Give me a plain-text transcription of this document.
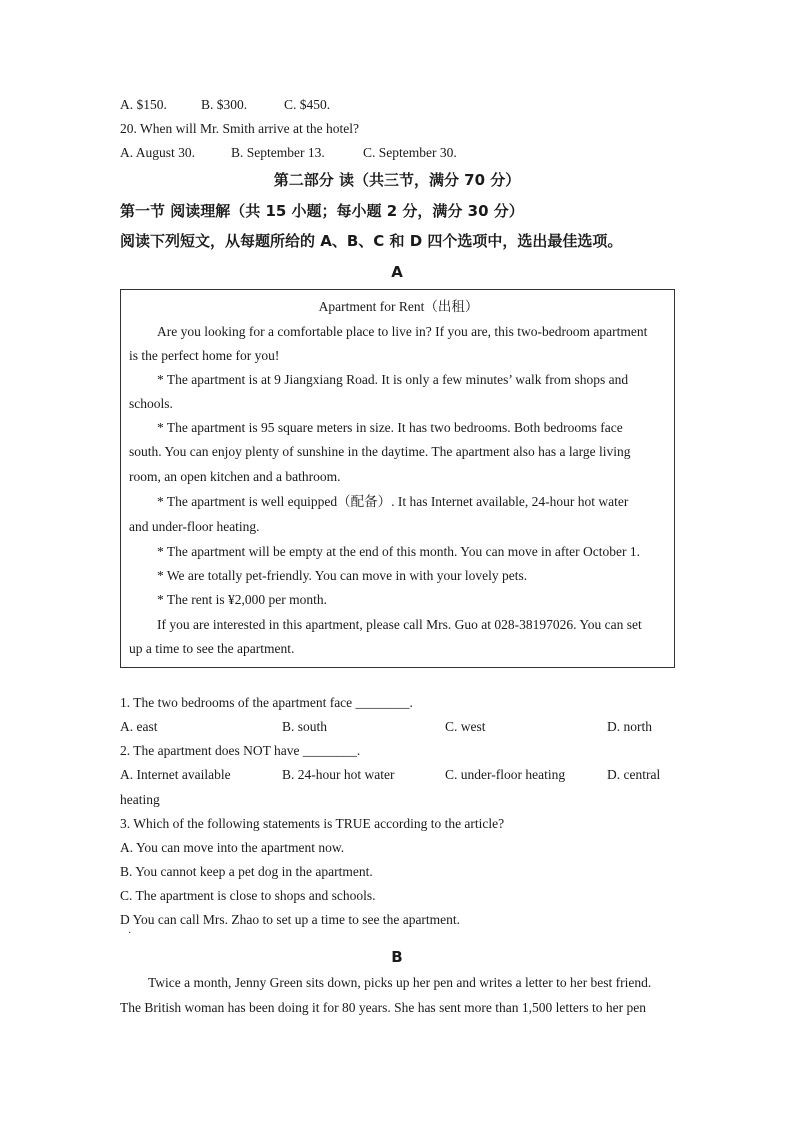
A. $150.	B. $300.	C. $450.
20. When will Mr. Smith arrive at the hotel?
A. August 30.	B. September 13.	C. September 30.
第二部分 读（共三节，满分 70 分）
第一节 阅读理解（共 15 小题；每小题 2 分，满分 30 分）
阅读下列短文，从每题所给的 A、B、C 和 D 四个选项中，选出最佳选项。
A
Apartment for Rent（出租）
Are you looking for a comfortable place to live in? If you are, this two-bedroom apartment
is the perfect home for you!
* The apartment is at 9 Jiangxiang Road. It is only a few minutes’ walk from shops and
schools.
* The apartment is 95 square meters in size. It has two bedrooms. Both bedrooms face
south. You can enjoy plenty of sunshine in the daytime. The apartment also has a large living
room, an open kitchen and a bathroom.
* The apartment is well equipped（配备）. It has Internet available, 24-hour hot water
and under-floor heating.
* The apartment will be empty at the end of this month. You can move in after October 1.
* We are totally pet-friendly. You can move in with your lovely pets.
* The rent is ¥2,000 per month.
If you are interested in this apartment, please call Mrs. Guo at 028-38197026. You can set
up a time to see the apartment.
1. The two bedrooms of the apartment face ________.
A. east	B. south	C. west	D. north
2. The apartment does NOT have ________.
A. Internet available	B. 24-hour hot water	C. under-floor heating	D. central
heating
3. Which of the following statements is TRUE according to the article?
A. You can move into the apartment now.
B. You cannot keep a pet dog in the apartment.
C. The apartment is close to shops and schools.
D You can call Mrs. Zhao to set up a time to see the apartment.
·
B
Twice a month, Jenny Green sits down, picks up her pen and writes a letter to her best friend.
The British woman has been doing it for 80 years. She has sent more than 1,500 letters to her pen
